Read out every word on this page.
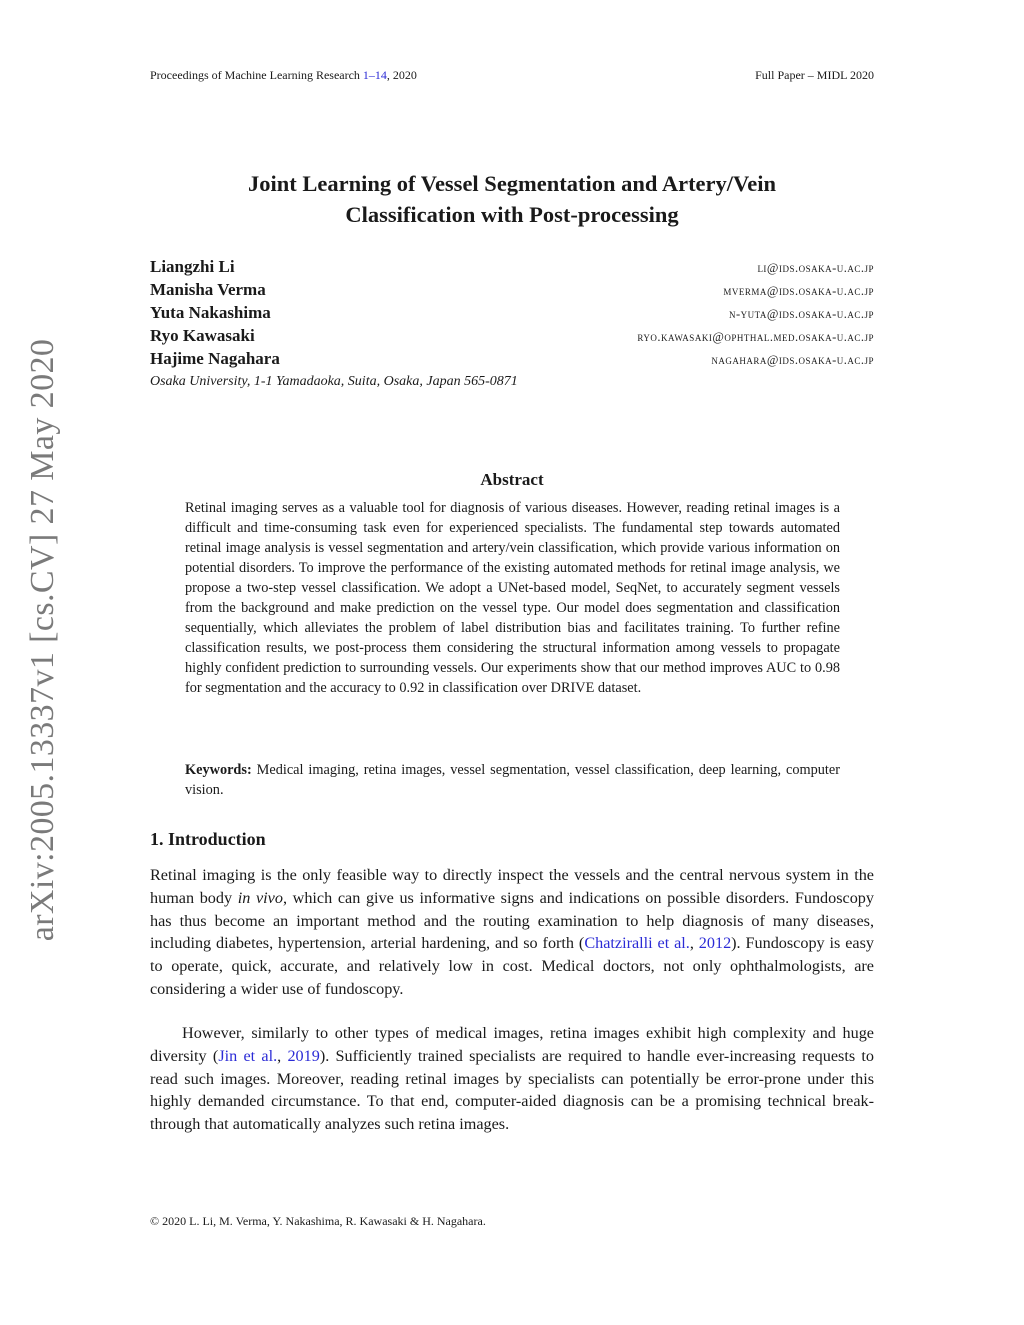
arXiv:2005.13337v1 [cs.CV] 27 May 2020
Proceedings of Machine Learning Research 1–14, 2020	Full Paper – MIDL 2020
Joint Learning of Vessel Segmentation and Artery/Vein
Classification with Post-processing
Liangzhi Li	li@ids.osaka-u.ac.jp
Manisha Verma	mverma@ids.osaka-u.ac.jp
Yuta Nakashima	n-yuta@ids.osaka-u.ac.jp
Ryo Kawasaki	ryo.kawasaki@ophthal.med.osaka-u.ac.jp
Hajime Nagahara	nagahara@ids.osaka-u.ac.jp
Osaka University, 1-1 Yamadaoka, Suita, Osaka, Japan 565-0871
Abstract
Retinal imaging serves as a valuable tool for diagnosis of various diseases. However, reading retinal images is a difficult and time-consuming task even for experienced specialists. The fundamental step towards automated retinal image analysis is vessel segmentation and artery/vein classification, which provide various information on potential disorders. To improve the performance of the existing automated methods for retinal image analysis, we propose a two-step vessel classification. We adopt a UNet-based model, SeqNet, to accurately segment vessels from the background and make prediction on the vessel type. Our model does segmentation and classification sequentially, which alleviates the problem of label distribution bias and facilitates training. To further refine classification results, we post-process them considering the structural information among vessels to propagate highly confident prediction to surrounding vessels. Our experiments show that our method improves AUC to 0.98 for segmentation and the accuracy to 0.92 in classification over DRIVE dataset.
Keywords: Medical imaging, retina images, vessel segmentation, vessel classification, deep learning, computer vision.
1. Introduction
Retinal imaging is the only feasible way to directly inspect the vessels and the central nervous system in the human body in vivo, which can give us informative signs and indications on possible disorders. Fundoscopy has thus become an important method and the routing examination to help diagnosis of many diseases, including diabetes, hypertension, arterial hardening, and so forth (Chatziralli et al., 2012). Fundoscopy is easy to operate, quick, accurate, and relatively low in cost. Medical doctors, not only ophthalmologists, are considering a wider use of fundoscopy.
However, similarly to other types of medical images, retina images exhibit high complexity and huge diversity (Jin et al., 2019). Sufficiently trained specialists are required to handle ever-increasing requests to read such images. Moreover, reading retinal images by specialists can potentially be error-prone under this highly demanded circumstance. To that end, computer-aided diagnosis can be a promising technical break-through that automatically analyzes such retina images.
© 2020 L. Li, M. Verma, Y. Nakashima, R. Kawasaki & H. Nagahara.
